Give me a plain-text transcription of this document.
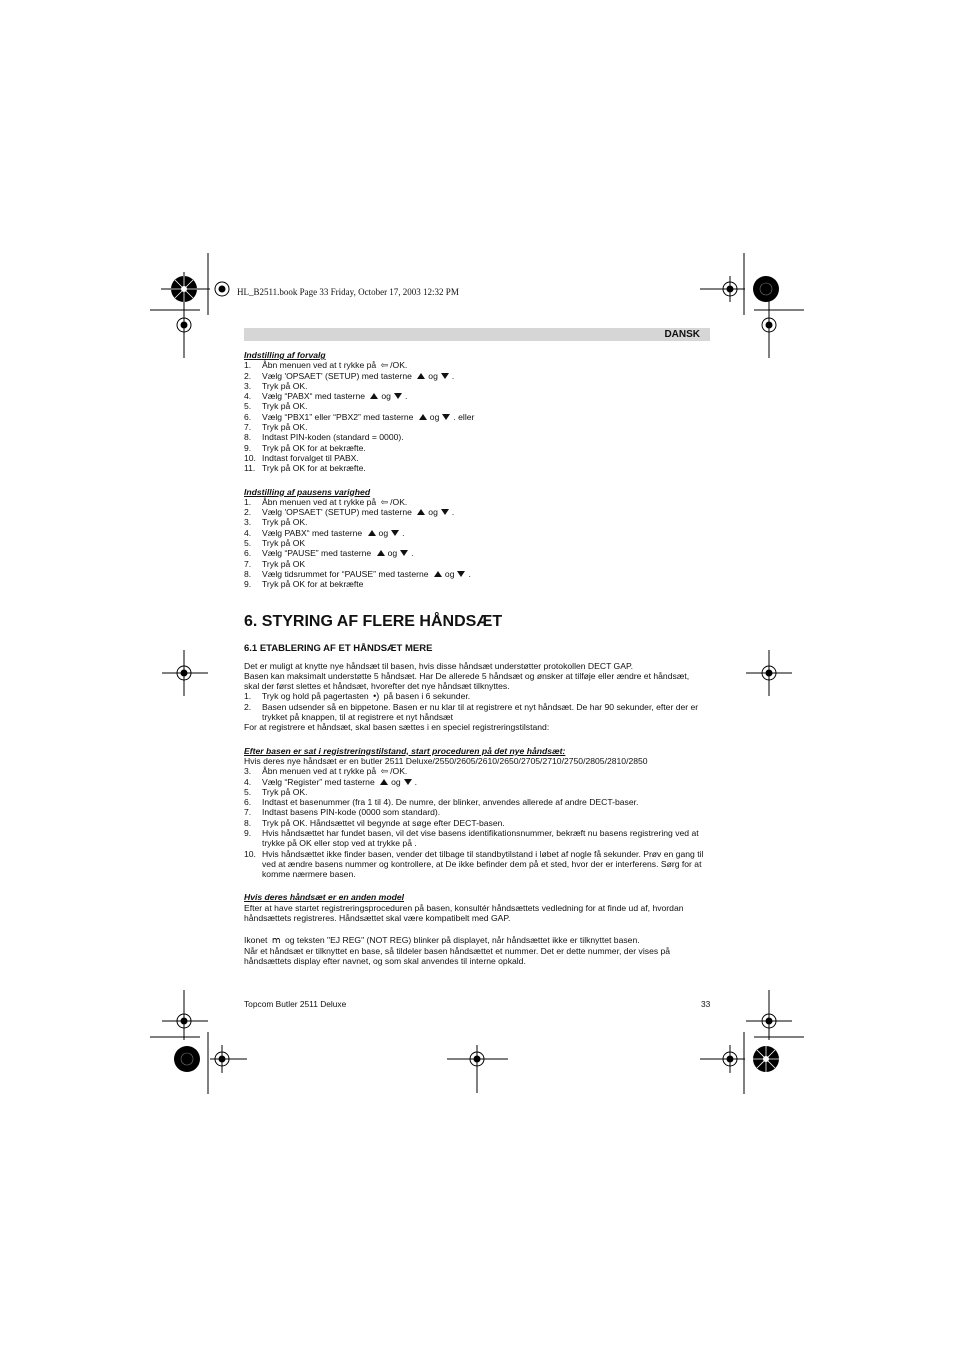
HL_B2511.book Page 33 Friday, October 17, 2003 12:32 PM
DANSK
Indstilling af forvalg
1.	Åbn menuen ved at t rykke på ⇦ /OK.
2.	Vælg 'OPSAET' (SETUP) med tasterne og .
3.	Tryk på OK.
4.	Vælg “PABX“ med tasterne og .
5.	Tryk på OK.
6.	Vælg “PBX1” eller “PBX2” med tasterne og . eller
7.	Tryk på OK.
8.	Indtast PIN-koden (standard = 0000).
9.	Tryk på OK for at bekræfte.
10. Indtast forvalget til PABX.
11. Tryk på OK for at bekræfte.
Indstilling af pausens varighed
1.	Åbn menuen ved at t rykke på ⇦ /OK.
2.	Vælg 'OPSAET' (SETUP) med tasterne og .
3.	Tryk på OK.
4.	Vælg PABX“ med tasterne og .
5.	Tryk på OK
6.	Vælg “PAUSE” med tasterne og .
7.	Tryk på OK
8.	Vælg tidsrummet for “PAUSE” med tasterne og .
9.	Tryk på OK for at bekræfte
6. STYRING AF FLERE HÅNDSÆT
6.1 ETABLERING AF ET HÅNDSÆT MERE

Det er muligt at knytte nye håndsæt til basen, hvis disse håndsæt understøtter protokollen DECT GAP.

Basen kan maksimalt understøtte 5 håndsæt. Har De allerede 5 håndsæt og ønsker at tilføje eller ændre et håndsæt,

skal der først slettes et håndsæt, hvorefter det nye håndsæt tilknyttes.

1.	Tryk og hold på pagertasten •) på basen i 6 sekunder.
2.	Basen udsender så en bippetone. Basen er nu klar til at registrere et nyt håndsæt. De har 90 sekunder, efter der er trykket på knappen, til at registrere et nyt håndsæt

For at registrere et håndsæt, skal basen sættes i en speciel registreringstilstand:

Efter basen er sat i registreringstilstand, start proceduren på det nye håndsæt:

Hvis deres nye håndsæt er en butler 2511 Deluxe/2550/2605/2610/2650/2705/2710/2750/2805/2810/2850

3.	Åbn menuen ved at t rykke på ⇦ /OK.
4.	Vælg “Register” med tasterne og .
5.	Tryk på OK.
6.	Indtast et basenummer (fra 1 til 4). De numre, der blinker, anvendes allerede af andre DECT-baser.
7.	Indtast basens PIN-kode (0000 som standard).
8.	Tryk på OK. Håndsættet vil begynde at søge efter DECT-basen.
9.	Hvis håndsættet har fundet basen, vil det vise basens identifikationsnummer, bekræft nu basens registrering ved at trykke på OK eller stop ved at trykke på .
10. Hvis håndsættet ikke finder basen, vender det tilbage til standbytilstand i løbet af nogle få sekunder. Prøv en gang til ved at ændre basens nummer og kontrollere, at De ikke befinder dem på et sted, hvor der er interferens. Sørg for at komme nærmere basen.
Hvis deres håndsæt er en anden model

Efter at have startet registreringsproceduren på basen, konsultér håndsættets vedledning for at finde ud af, hvordan

håndsættets registreres. Håndsættet skal være kompatibelt med GAP.

Ikonet 𝗆 og teksten "EJ REG" (NOT REG) blinker på displayet, når håndsættet ikke er tilknyttet basen.

Når et håndsæt er tilknyttet en base, så tildeler basen håndsættet et nummer. Det er dette nummer, der vises på

håndsættets display efter navnet, og som skal anvendes til interne opkald.

Topcom Butler 2511 Deluxe	33
